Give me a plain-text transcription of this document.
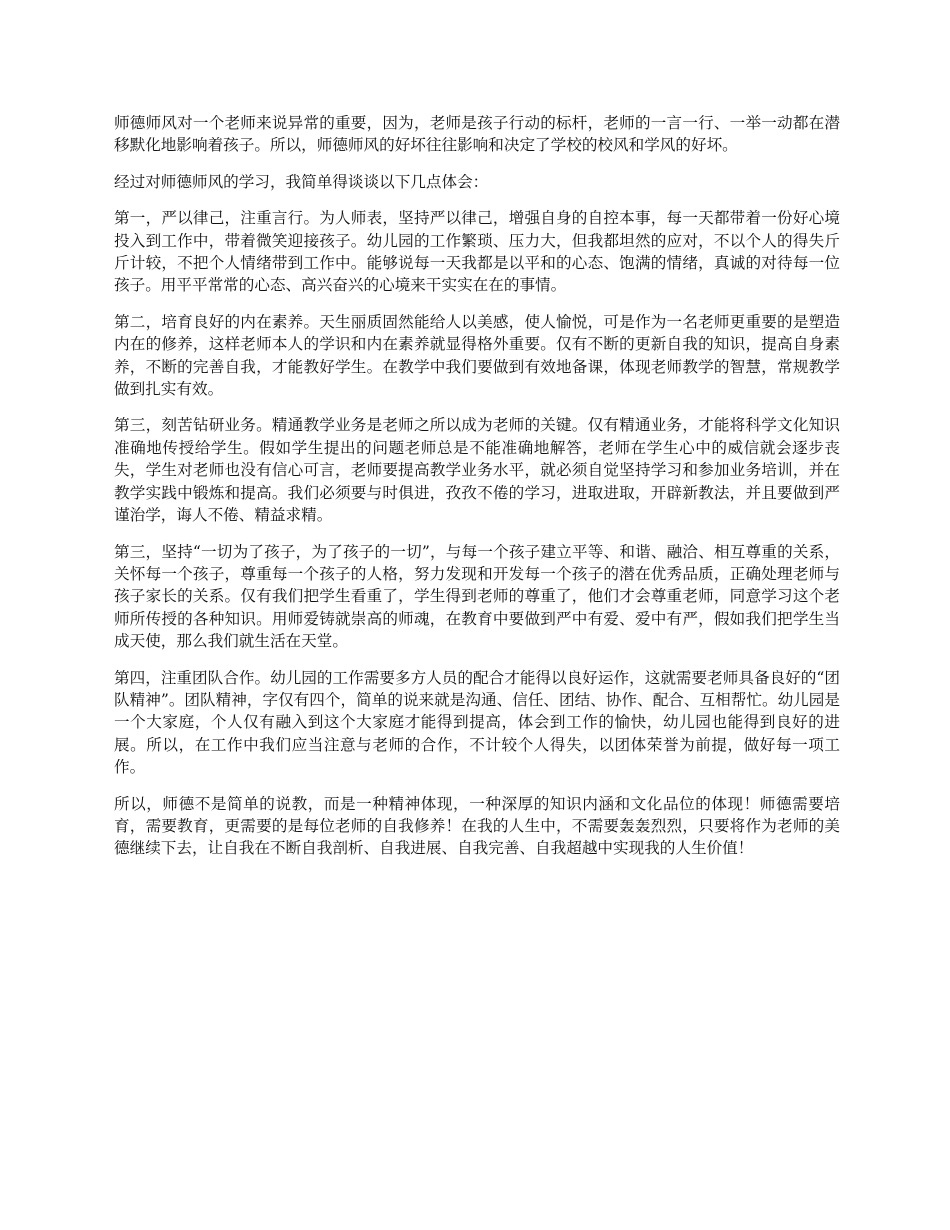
师德师风对一个老师来说异常的重要，因为，老师是孩子行动的标杆，老师的一言一行、一举一动都在潜移默化地影响着孩子。所以，师德师风的好坏往往影响和决定了学校的校风和学风的好坏。

经过对师德师风的学习，我简单得谈谈以下几点体会：

第一，严以律己，注重言行。为人师表，坚持严以律己，增强自身的自控本事，每一天都带着一份好心境投入到工作中，带着微笑迎接孩子。幼儿园的工作繁琐、压力大，但我都坦然的应对，不以个人的得失斤斤计较，不把个人情绪带到工作中。能够说每一天我都是以平和的心态、饱满的情绪，真诚的对待每一位孩子。用平平常常的心态、高兴奋兴的心境来干实实在在的事情。

第二，培育良好的内在素养。天生丽质固然能给人以美感，使人愉悦，可是作为一名老师更重要的是塑造内在的修养，这样老师本人的学识和内在素养就显得格外重要。仅有不断的更新自我的知识，提高自身素养，不断的完善自我，才能教好学生。在教学中我们要做到有效地备课，体现老师教学的智慧，常规教学做到扎实有效。

第三，刻苦钻研业务。精通教学业务是老师之所以成为老师的关键。仅有精通业务，才能将科学文化知识准确地传授给学生。假如学生提出的问题老师总是不能准确地解答，老师在学生心中的威信就会逐步丧失，学生对老师也没有信心可言，老师要提高教学业务水平，就必须自觉坚持学习和参加业务培训，并在教学实践中锻炼和提高。我们必须要与时俱进，孜孜不倦的学习，进取进取，开辟新教法，并且要做到严谨治学，诲人不倦、精益求精。

第三，坚持“一切为了孩子，为了孩子的一切”，与每一个孩子建立平等、和谐、融洽、相互尊重的关系，关怀每一个孩子，尊重每一个孩子的人格，努力发现和开发每一个孩子的潜在优秀品质，正确处理老师与孩子家长的关系。仅有我们把学生看重了，学生得到老师的尊重了，他们才会尊重老师，同意学习这个老师所传授的各种知识。用师爱铸就崇高的师魂，在教育中要做到严中有爱、爱中有严，假如我们把学生当成天使，那么我们就生活在天堂。

第四，注重团队合作。幼儿园的工作需要多方人员的配合才能得以良好运作，这就需要老师具备良好的“团队精神”。团队精神，字仅有四个，简单的说来就是沟通、信任、团结、协作、配合、互相帮忙。幼儿园是一个大家庭，个人仅有融入到这个大家庭才能得到提高，体会到工作的愉快，幼儿园也能得到良好的进展。所以，在工作中我们应当注意与老师的合作，不计较个人得失，以团体荣誉为前提，做好每一项工作。

所以，师德不是简单的说教，而是一种精神体现，一种深厚的知识内涵和文化品位的体现！师德需要培育，需要教育，更需要的是每位老师的自我修养！在我的人生中，不需要轰轰烈烈，只要将作为老师的美德继续下去，让自我在不断自我剖析、自我进展、自我完善、自我超越中实现我的人生价值！
